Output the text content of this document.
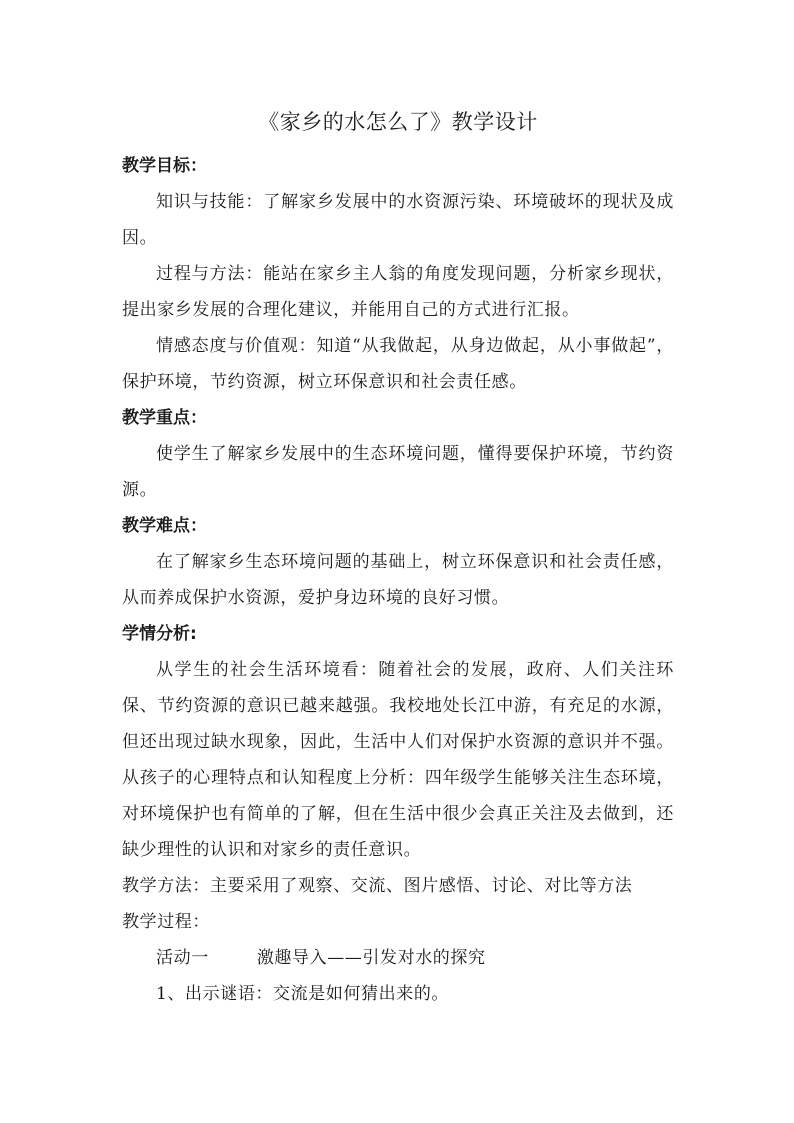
《家乡的水怎么了》教学设计

教学目标：

知识与技能：了解家乡发展中的水资源污染、环境破坏的现状及成因。

过程与方法：能站在家乡主人翁的角度发现问题，分析家乡现状，提出家乡发展的合理化建议，并能用自己的方式进行汇报。

情感态度与价值观：知道“从我做起，从身边做起，从小事做起”，保护环境，节约资源，树立环保意识和社会责任感。

教学重点：

使学生了解家乡发展中的生态环境问题，懂得要保护环境，节约资源。

教学难点：

在了解家乡生态环境问题的基础上，树立环保意识和社会责任感，从而养成保护水资源，爱护身边环境的良好习惯。

学情分析:

从学生的社会生活环境看：随着社会的发展，政府、人们关注环保、节约资源的意识已越来越强。我校地处长江中游，有充足的水源，但还出现过缺水现象，因此，生活中人们对保护水资源的意识并不强。从孩子的心理特点和认知程度上分析：四年级学生能够关注生态环境，对环境保护也有简单的了解，但在生活中很少会真正关注及去做到，还缺少理性的认识和对家乡的责任意识。

教学方法：主要采用了观察、交流、图片感悟、讨论、对比等方法

教学过程：

活动一	激趣导入——引发对水的探究

1、出示谜语：交流是如何猜出来的。
